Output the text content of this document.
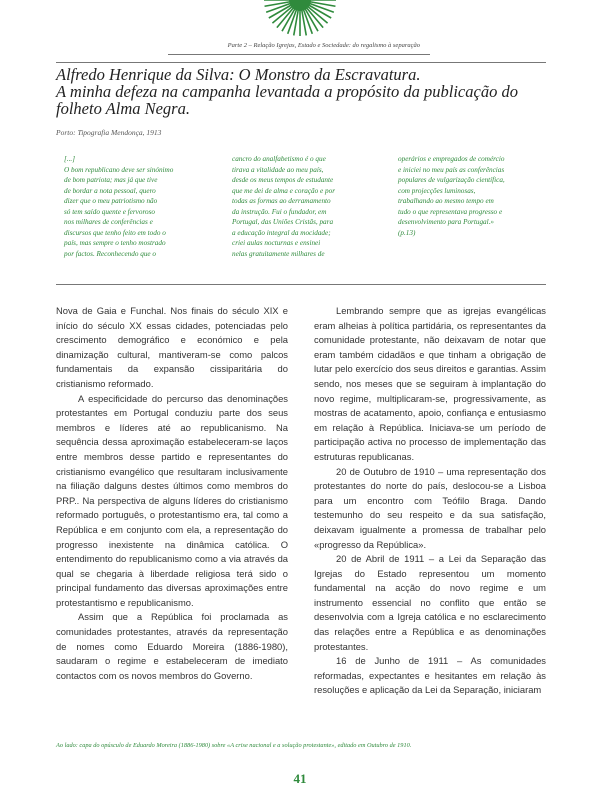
Parte 2 – Relação Igrejas, Estado e Sociedade: do regalismo à separação
Alfredo Henrique da Silva: O Monstro da Escravatura.
A minha defeza na campanha levantada a propósito da publicação do
folheto Alma Negra.
Porto: Tipografia Mendonça, 1913
[...]
O bom republicano deve ser sinónimo
de bom patriota; mas já que tive
de bordar a nota pessoal, quero
dizer que o meu patriotismo não
só tem saído quente e fervoroso
nos milhares de conferências e
discursos que tenho feito em todo o
país, mas sempre o tenho mostrado
por factos. Reconhecendo que o
cancro do analfabetismo é o que
tirava a vitalidade ao meu país,
desde os meus tempos de estudante
que me dei de alma e coração e por
todas as formas ao derramamento
da instrução. Fui o fundador, em
Portugal, das Uniões Cristãs, para
a educação integral da mocidade;
criei aulas nocturnas e ensinei
nelas gratuitamente milhares de
operários e empregados de comércio
e iniciei no meu país as conferências
populares de vulgarização científica,
com projecções luminosas,
trabalhando ao mesmo tempo em
tudo o que representava progresso e
desenvolvimento para Portugal.»
(p.13)

Nova de Gaia e Funchal. Nos finais do século XIX e início do século XX essas cidades, potenciadas pelo crescimento demográfico e económico e pela dinamização cultural, mantiveram-se como palcos fundamentais da expansão cissiparitária do cristianismo reformado.

A especificidade do percurso das denominações protestantes em Portugal conduziu parte dos seus membros e líderes até ao republicanismo. Na sequência dessa aproximação estabeleceram-se laços entre membros desse partido e representantes do cristianismo evangélico que resultaram inclusivamente na filiação dalguns destes últimos como membros do PRP.. Na perspectiva de alguns líderes do cristianismo reformado português, o protestantismo era, tal como a República e em conjunto com ela, a representação do progresso inexistente na dinâmica católica. O entendimento do republicanismo como a via através da qual se chegaria à liberdade religiosa terá sido o principal fundamento das diversas aproximações entre protestantismo e republicanismo.

Assim que a República foi proclamada as comunidades protestantes, através da representação de nomes como Eduardo Moreira (1886-1980), saudaram o regime e estabeleceram de imediato contactos com os novos membros do Governo.

Lembrando sempre que as igrejas evangélicas eram alheias à política partidária, os representantes da comunidade protestante, não deixavam de notar que eram também cidadãos e que tinham a obrigação de lutar pelo exercício dos seus direitos e garantias. Assim sendo, nos meses que se seguiram à implantação do novo regime, multiplicaram-se, progressivamente, as mostras de acatamento, apoio, confiança e entusiasmo em relação à República. Iniciava-se um período de participação activa no processo de implementação das estruturas republicanas.

20 de Outubro de 1910 – uma representação dos protestantes do norte do país, deslocou-se a Lisboa para um encontro com Teófilo Braga. Dando testemunho do seu respeito e da sua satisfação, deixavam igualmente a promessa de trabalhar pelo «progresso da República».

20 de Abril de 1911 – a Lei da Separação das Igrejas do Estado representou um momento fundamental na acção do novo regime e um instrumento essencial no conflito que então se desenvolvia com a Igreja católica e no esclarecimento das relações entre a República e as denominações protestantes.

16 de Junho de 1911 – As comunidades reformadas, expectantes e hesitantes em relação às resoluções e aplicação da Lei da Separação, iniciaram

Ao lado: capa do opúsculo de Eduardo Moreira (1886-1980) sobre «A crise nacional e a solução protestante», editado em Outubro de 1910.
41
